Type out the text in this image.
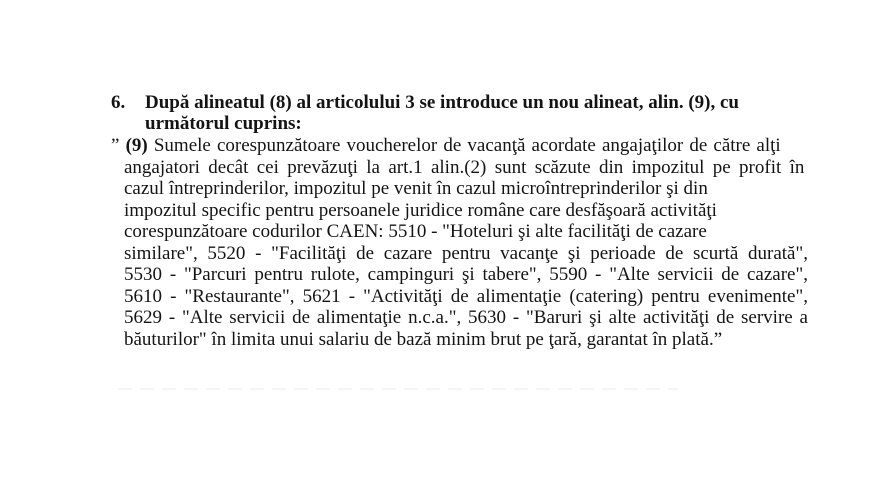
6. După alineatul (8) al articolului 3 se introduce un nou alineat, alin. (9), cu
următorul cuprins:
” (9) Sumele corespunzătoare voucherelor de vacanţă acordate angajaţilor de către alţi
angajatori decât cei prevăzuţi la art.1 alin.(2) sunt scăzute din impozitul pe profit în
cazul întreprinderilor, impozitul pe venit în cazul microîntreprinderilor şi din
impozitul specific pentru persoanele juridice române care desfăşoară activităţi
corespunzătoare codurilor CAEN: 5510 - "Hoteluri şi alte facilităţi de cazare
similare", 5520 - "Facilităţi de cazare pentru vacanţe şi perioade de scurtă durată",
5530 - "Parcuri pentru rulote, campinguri şi tabere", 5590 - "Alte servicii de cazare",
5610 - "Restaurante", 5621 - "Activităţi de alimentaţie (catering) pentru evenimente",
5629 - "Alte servicii de alimentaţie n.c.a.", 5630 - "Baruri şi alte activităţi de servire a
băuturilor" în limita unui salariu de bază minim brut pe ţară, garantat în plată.”
